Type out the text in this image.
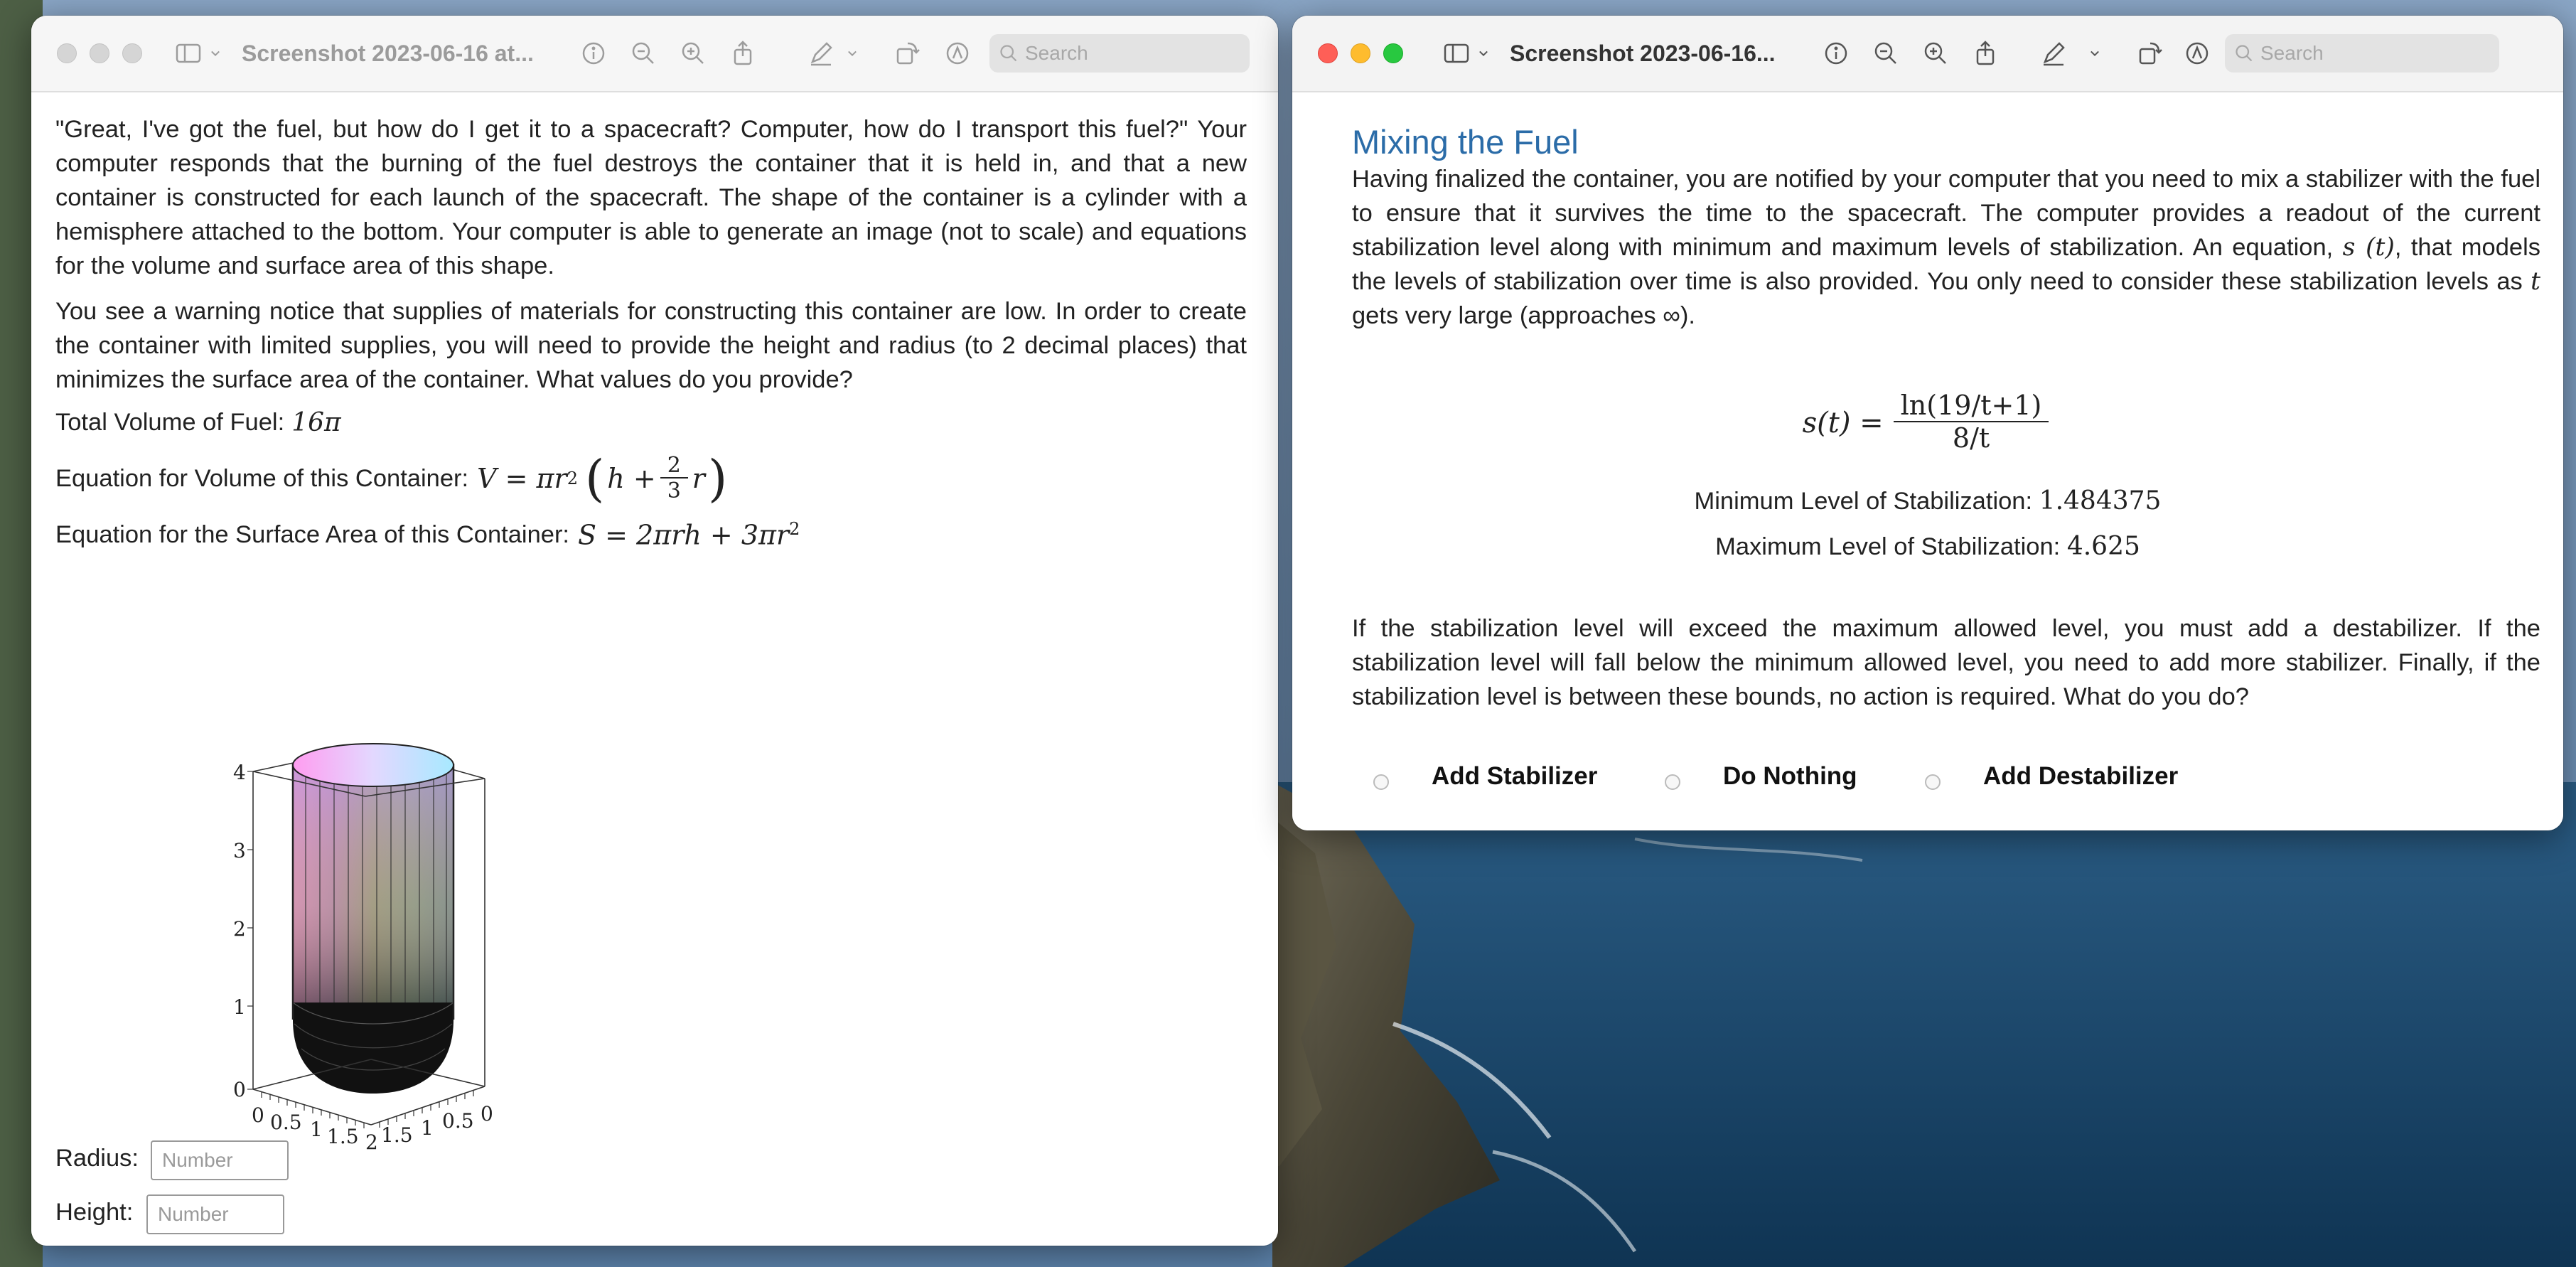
Screenshot 2023-06-16 at...	Search
"Great, I've got the fuel, but how do I get it to a spacecraft? Computer, how do I transport this fuel?" Your computer responds that the burning of the fuel destroys the container that it is held in, and that a new container is constructed for each launch of the spacecraft. The shape of the container is a cylinder with a hemisphere attached to the bottom. Your computer is able to generate an image (not to scale) and equations for the volume and surface area of this shape.
You see a warning notice that supplies of materials for constructing this container are low. In order to create the container with limited supplies, you will need to provide the height and radius (to 2 decimal places) that minimizes the surface area of the container. What values do you provide?
Total Volume of Fuel: 16π
Equation for Volume of this Container: V = πr 2 ( $h + \frac{2}{3}$ r )
Equation for the Surface Area of this Container: $S = 2\pi rh + 3\pi r^2$
4
3
2
1
0
0 0.5 1 1.5 2 1.5 1 0.5 0
Radius:
Number
Height:
Number
Screenshot 2023-06-16...	Search
Mixing the Fuel
Having finalized the container, you are notified by your computer that you need to mix a stabilizer with the fuel to ensure that it survives the time to the spacecraft. The computer provides a readout of the current stabilization level along with minimum and maximum levels of stabilization. An equation, s (t), that models the levels of stabilization over time is also provided. You only need to consider these stabilization levels as t gets very large (approaches ∞).
$s(t) = \frac{\ln(19/t+1)}{8/t}$
Minimum Level of Stabilization: 1.484375
Maximum Level of Stabilization: 4.625
If the stabilization level will exceed the maximum allowed level, you must add a destabilizer. If the stabilization level will fall below the minimum allowed level, you need to add more stabilizer. Finally, if the stabilization level is between these bounds, no action is required. What do you do?
Add Stabilizer	Do Nothing	Add Destabilizer
